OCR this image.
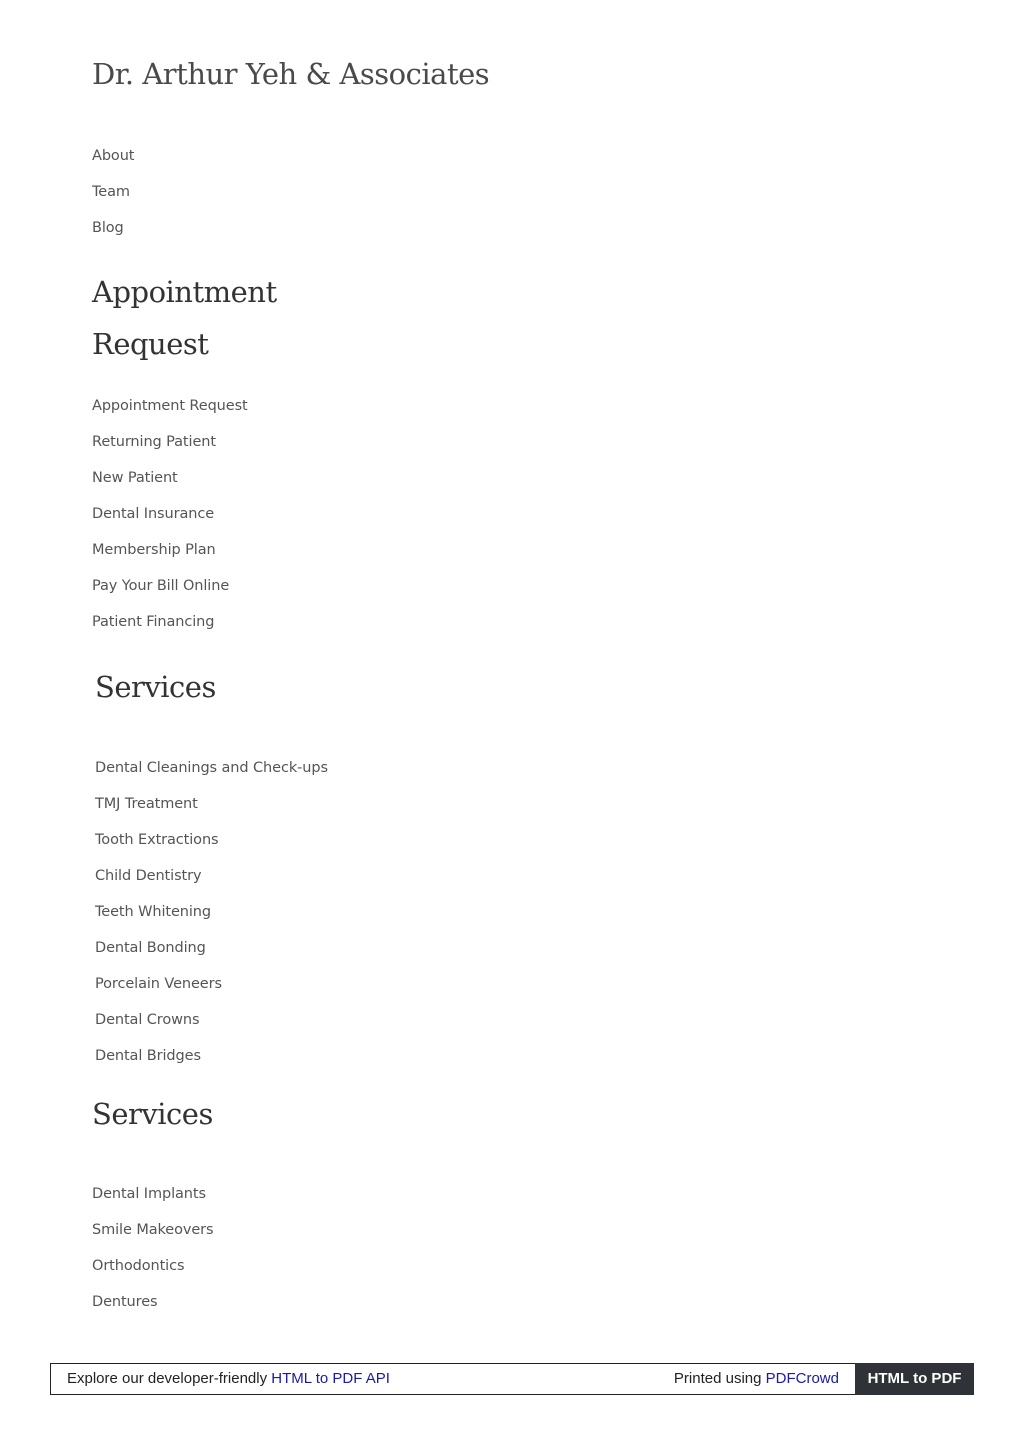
Dr. Arthur Yeh & Associates
About
Team
Blog
Appointment Request
Appointment Request
Returning Patient
New Patient
Dental Insurance
Membership Plan
Pay Your Bill Online
Patient Financing
Services
Dental Cleanings and Check-ups
TMJ Treatment
Tooth Extractions
Child Dentistry
Teeth Whitening
Dental Bonding
Porcelain Veneers
Dental Crowns
Dental Bridges
Services
Dental Implants
Smile Makeovers
Orthodontics
Dentures
Explore our developer-friendly HTML to PDF API	Printed using PDFCrowd	HTML to PDF
